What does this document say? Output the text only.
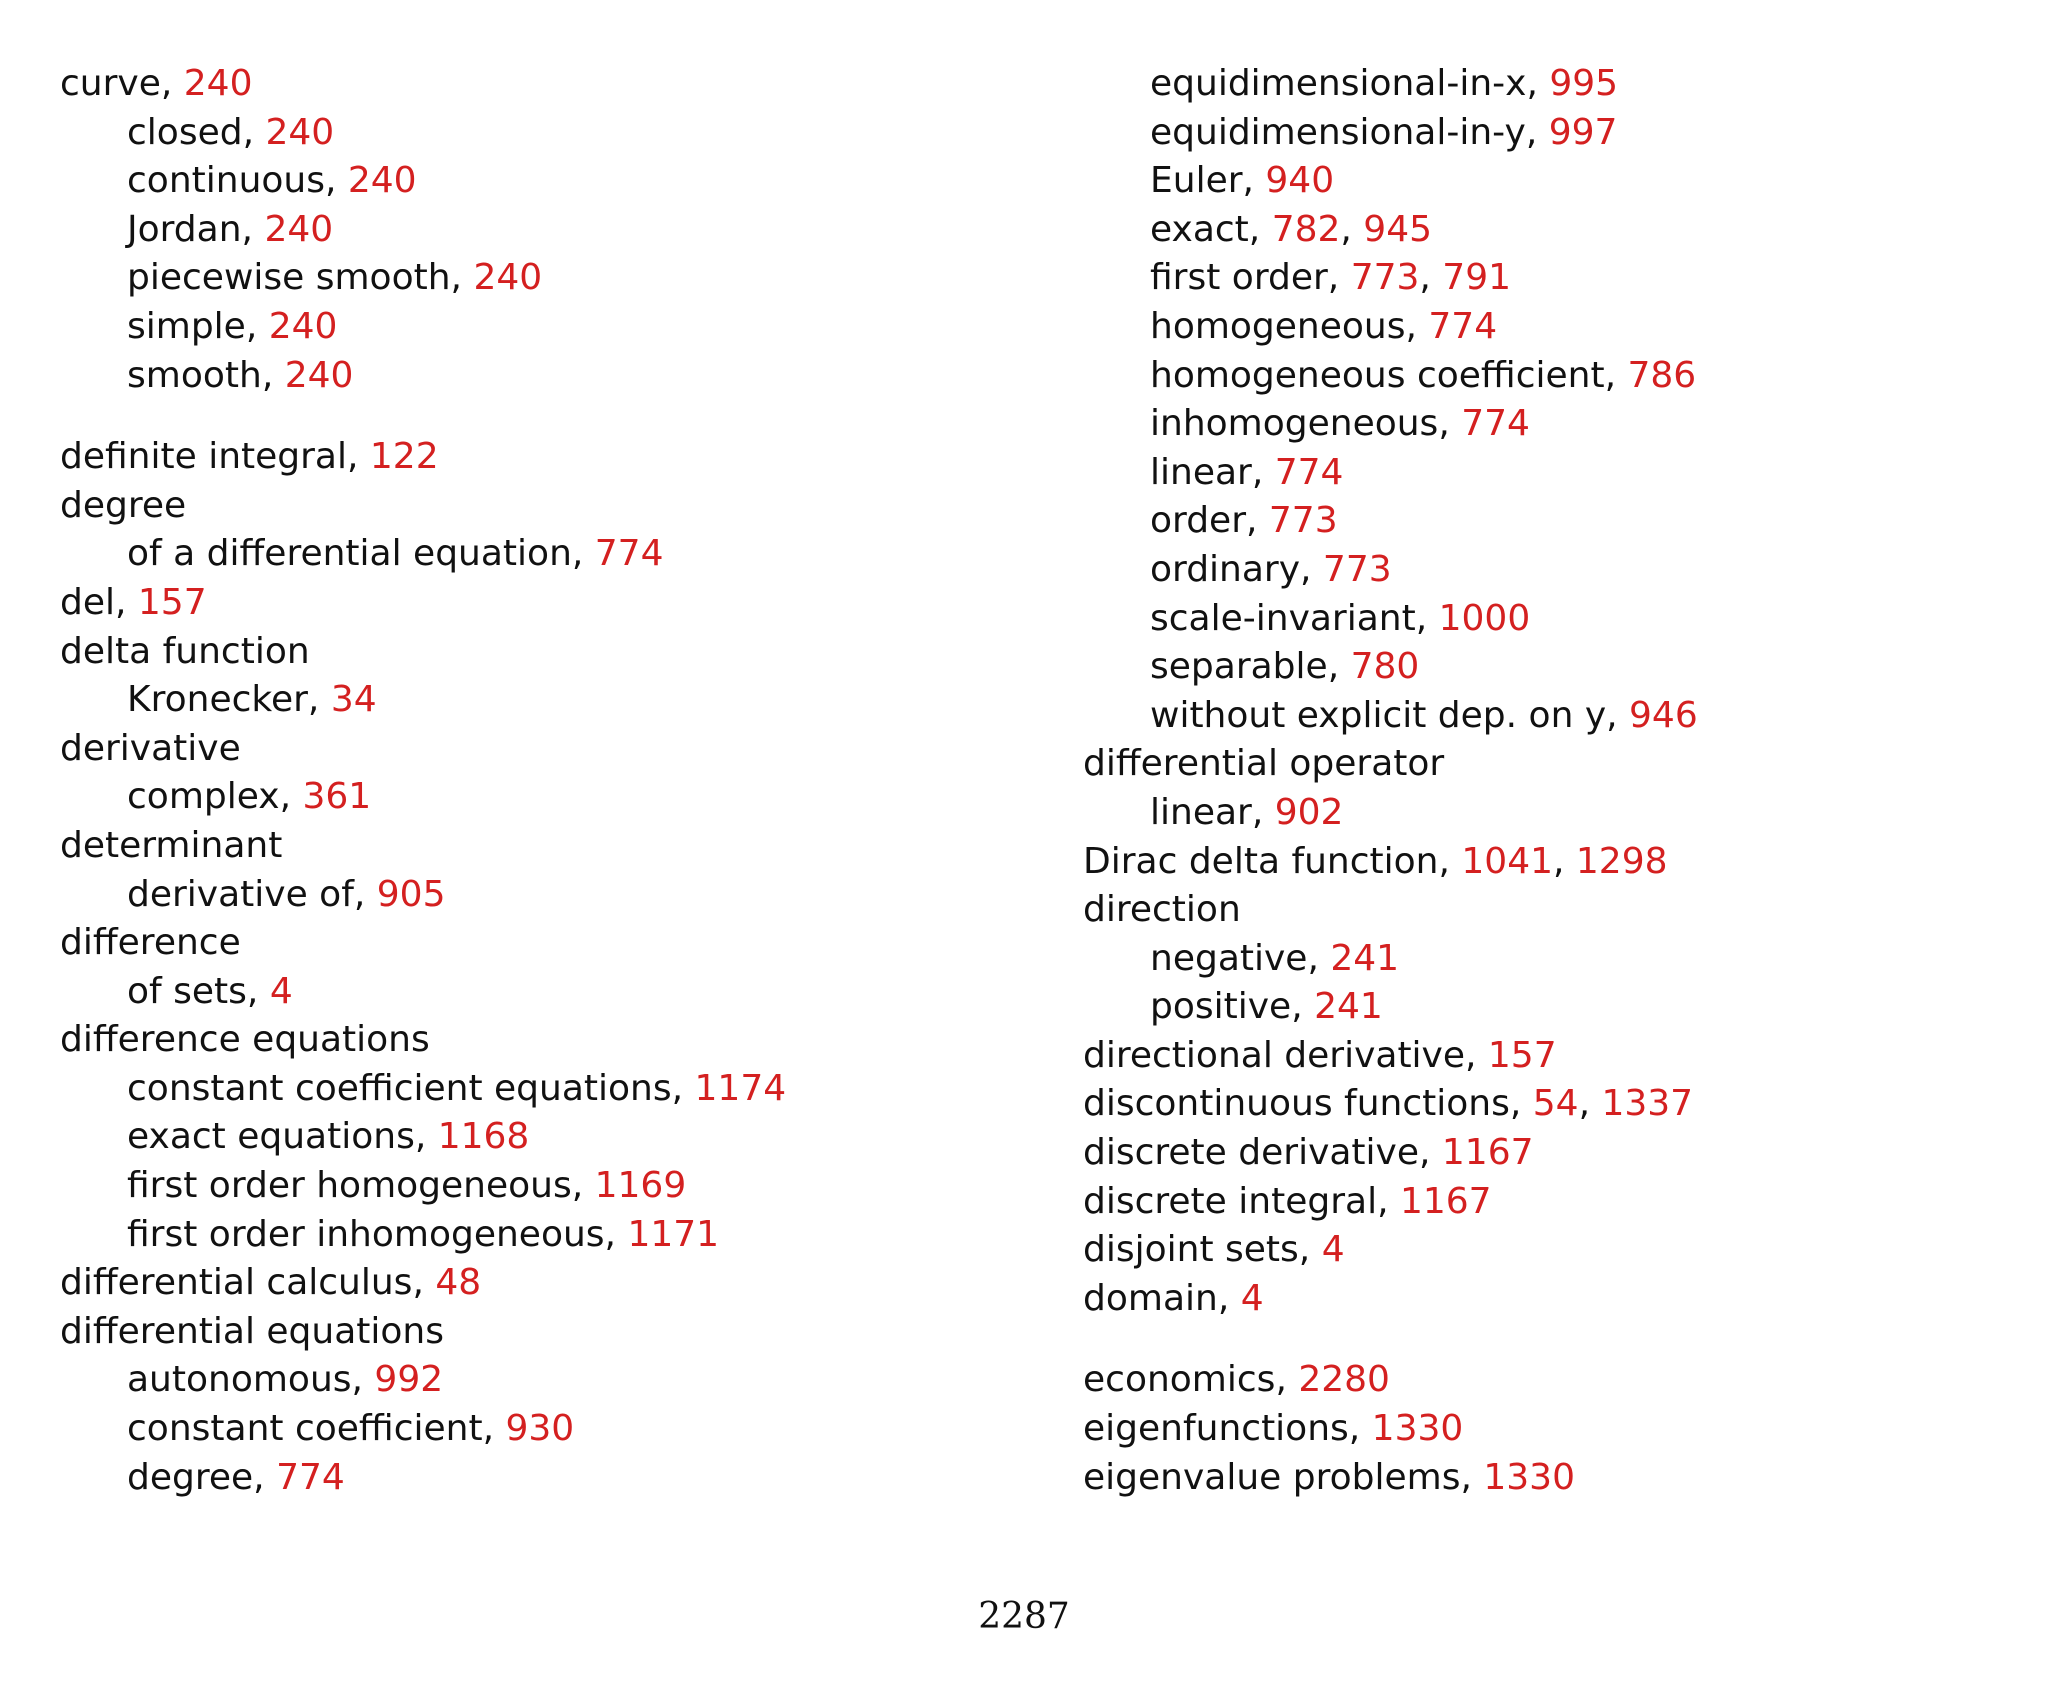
curve, 240
closed, 240
continuous, 240
Jordan, 240
piecewise smooth, 240
simple, 240
smooth, 240
definite integral, 122
degree
of a differential equation, 774
del, 157
delta function
Kronecker, 34
derivative
complex, 361
determinant
derivative of, 905
difference
of sets, 4
difference equations
constant coefficient equations, 1174
exact equations, 1168
first order homogeneous, 1169
first order inhomogeneous, 1171
differential calculus, 48
differential equations
autonomous, 992
constant coefficient, 930
degree, 774
equidimensional-in-x, 995
equidimensional-in-y, 997
Euler, 940
exact, 782, 945
first order, 773, 791
homogeneous, 774
homogeneous coefficient, 786
inhomogeneous, 774
linear, 774
order, 773
ordinary, 773
scale-invariant, 1000
separable, 780
without explicit dep. on y, 946
differential operator
linear, 902
Dirac delta function, 1041, 1298
direction
negative, 241
positive, 241
directional derivative, 157
discontinuous functions, 54, 1337
discrete derivative, 1167
discrete integral, 1167
disjoint sets, 4
domain, 4
economics, 2280
eigenfunctions, 1330
eigenvalue problems, 1330
2287
